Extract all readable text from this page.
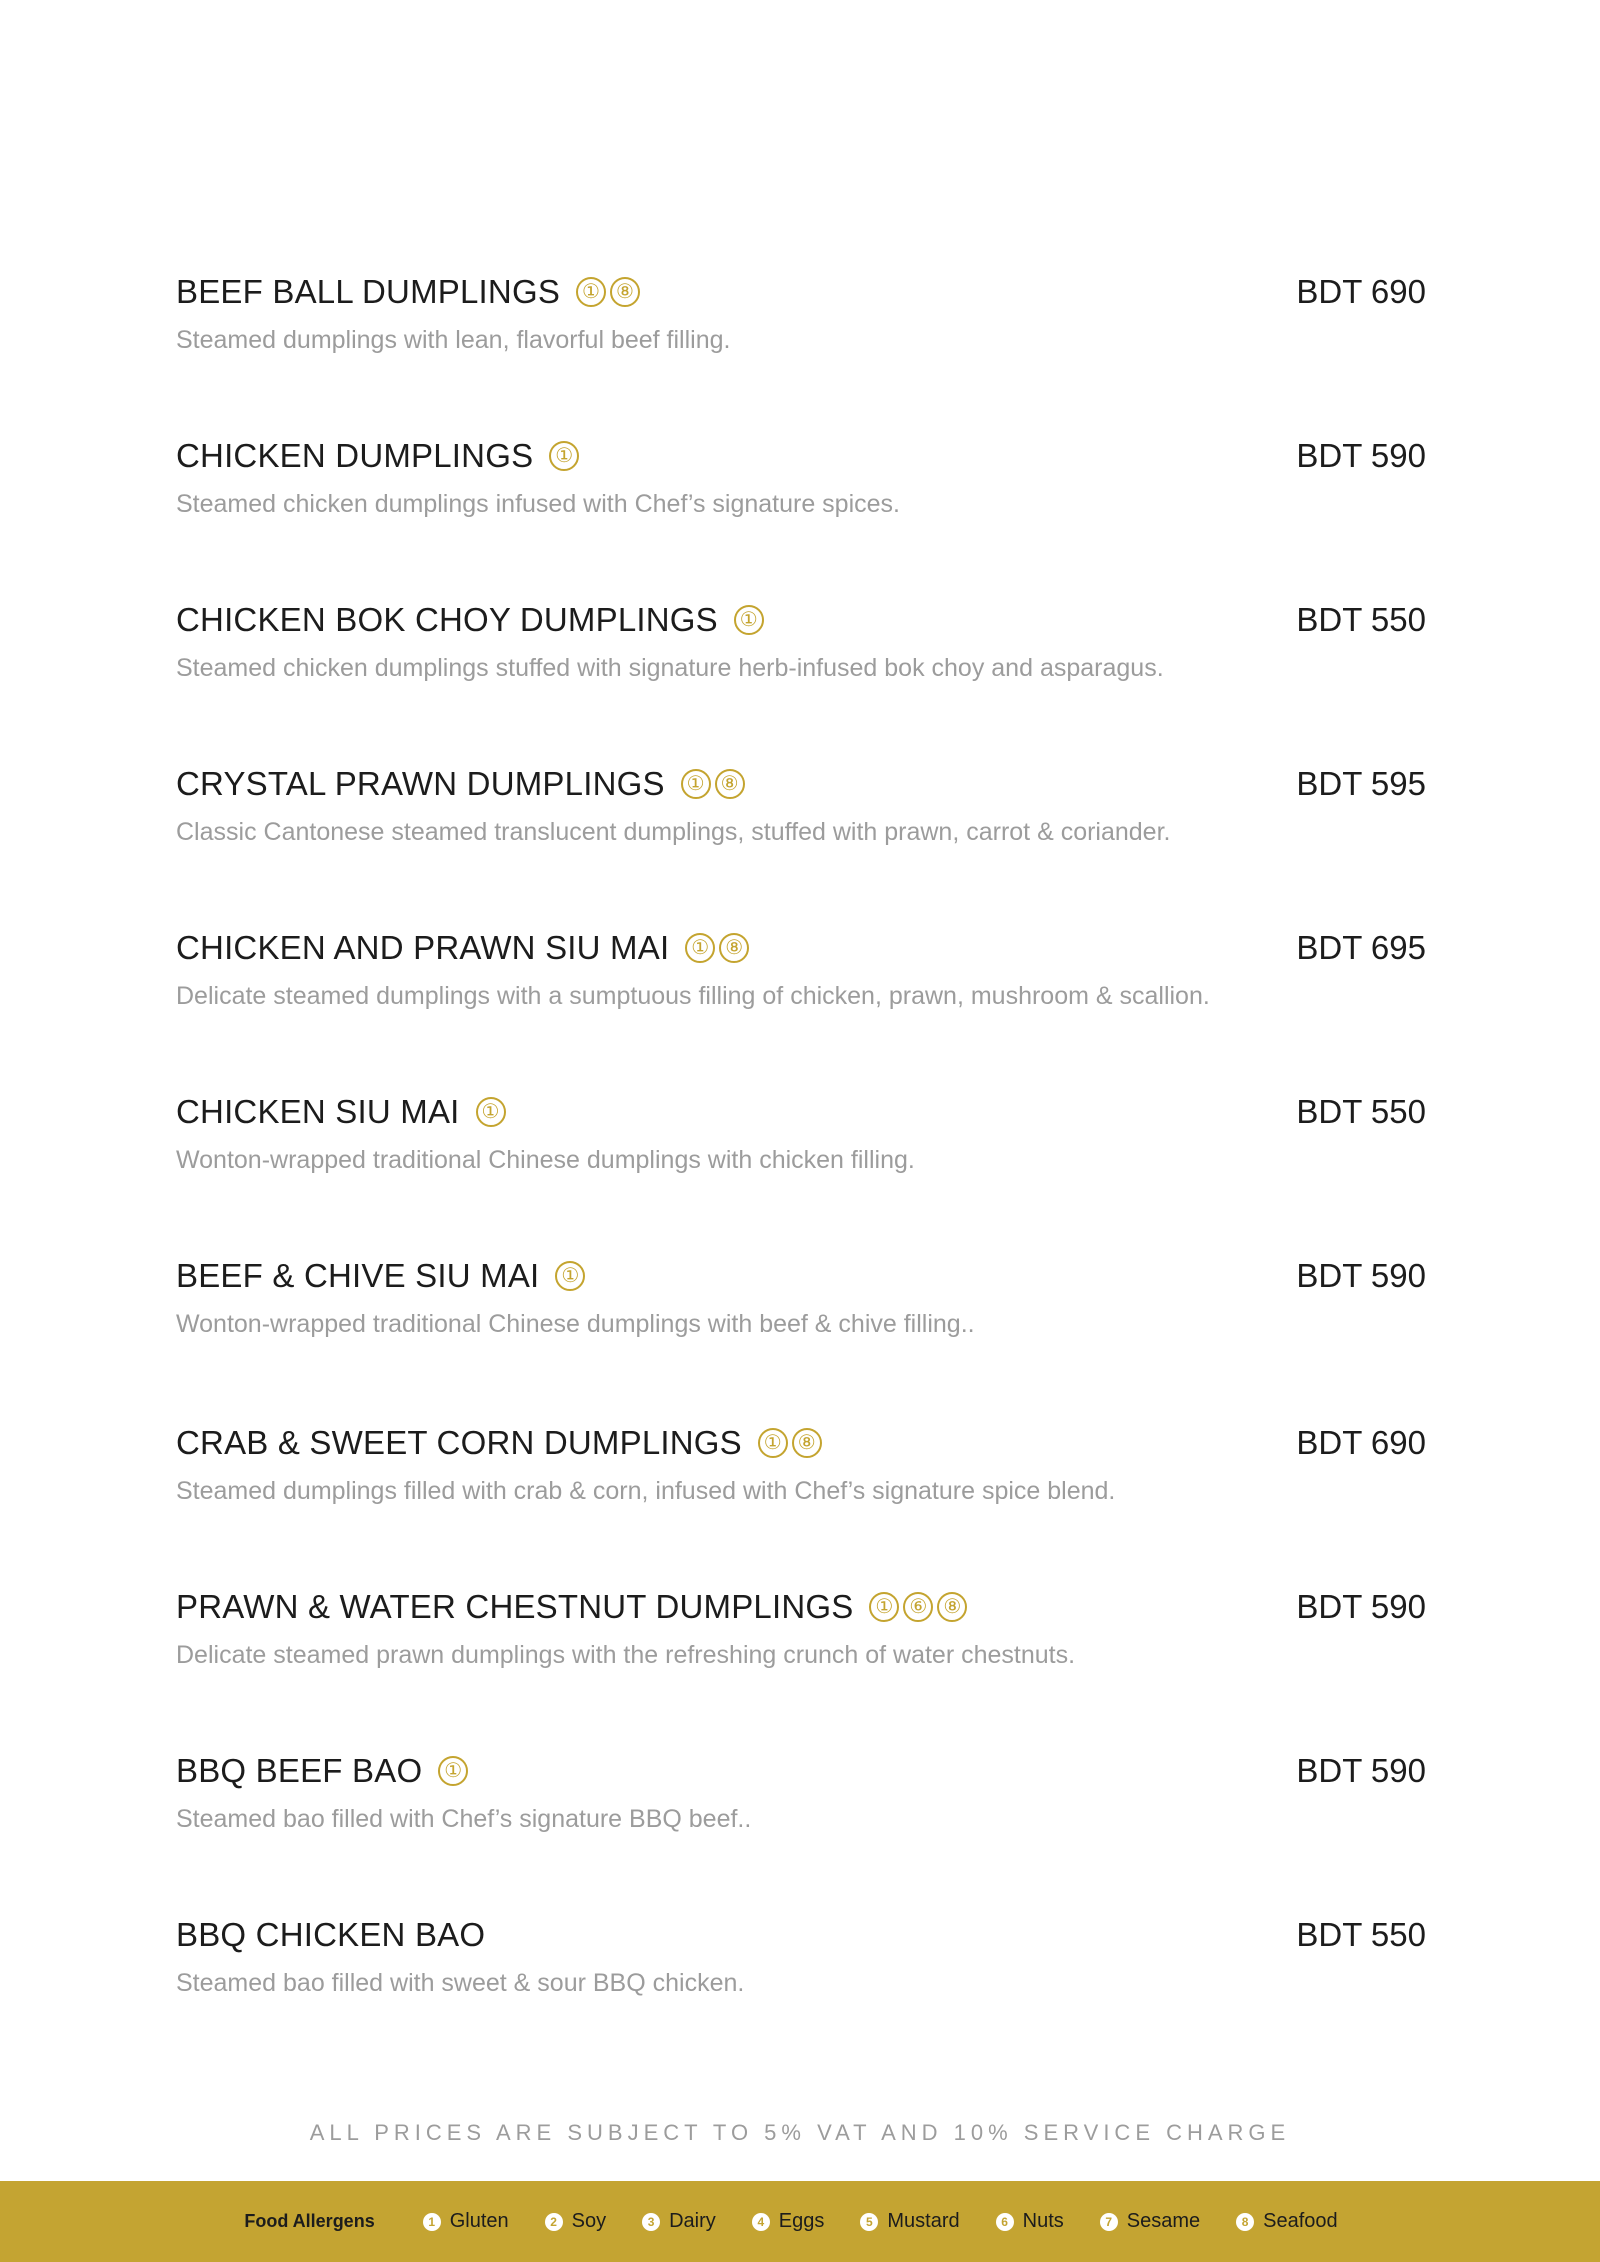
BEEF BALL DUMPLINGS ① ⑧
Steamed dumplings with lean, flavorful beef filling.
BDT 690
CHICKEN DUMPLINGS ①
Steamed chicken dumplings infused with Chef’s signature spices.
BDT 590
CHICKEN BOK CHOY DUMPLINGS ①
Steamed chicken dumplings stuffed with signature herb-infused bok choy and asparagus.
BDT 550
CRYSTAL PRAWN DUMPLINGS ① ⑧
Classic Cantonese steamed translucent dumplings, stuffed with prawn, carrot & coriander.
BDT 595
CHICKEN AND PRAWN SIU MAI ① ⑧
Delicate steamed dumplings with a sumptuous filling of chicken, prawn, mushroom & scallion.
BDT 695
CHICKEN SIU MAI ①
Wonton-wrapped traditional Chinese dumplings with chicken filling.
BDT 550
BEEF & CHIVE SIU MAI ①
Wonton-wrapped traditional Chinese dumplings with beef & chive filling..
BDT 590
CRAB & SWEET CORN DUMPLINGS ① ⑧
Steamed dumplings filled with crab & corn, infused with Chef’s signature spice blend.
BDT 690
PRAWN & WATER CHESTNUT DUMPLINGS ① ⑥ ⑧
Delicate steamed prawn dumplings with the refreshing crunch of water chestnuts.
BDT 590
BBQ BEEF BAO ①
Steamed bao filled with Chef’s signature BBQ beef..
BDT 590
BBQ CHICKEN BAO
Steamed bao filled with sweet & sour BBQ chicken.
BDT 550
ALL PRICES ARE SUBJECT TO 5% VAT AND 10% SERVICE CHARGE
Food Allergens	1 Gluten	2 Soy	3 Dairy	4 Eggs	5 Mustard	6 Nuts	7 Sesame	8 Seafood
